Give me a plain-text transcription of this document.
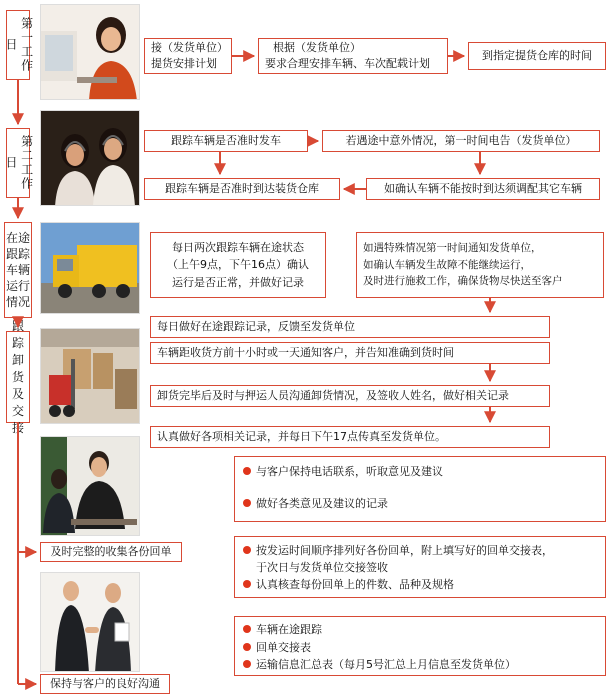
第一工作日
第二工作日
在途跟踪车辆运行情况
跟踪卸货及交接
及时完整的收集各份回单
保持与客户的良好沟通
接（发货单位）
提货安排计划
根据（发货单位）
要求合理安排车辆、车次配载计划
到指定提货仓库的时间
跟踪车辆是否准时发车	若遇途中意外情况，第一时间电告（发货单位）
如确认车辆不能按时到达须调配其它车辆
跟踪车辆是否准时到达装货仓库
每日两次跟踪车辆在途状态
（上午9点，下午16点）确认
运行是否正常，并做好记录
如遇特殊情况第一时间通知发货单位，
如确认车辆发生故障不能继续运行，
及时进行施救工作，确保货物尽快送至客户
每日做好在途跟踪记录，反馈至发货单位
车辆距收货方前十小时或一天通知客户，并告知准确到货时间
卸货完毕后及时与押运人员沟通卸货情况，及签收人姓名，做好相关记录
认真做好各项相关记录，并每日下午17点传真至发货单位。
与客户保持电话联系，听取意见及建议
做好各类意见及建议的记录
按发运时间顺序排列好各份回单，附上填写好的回单交接表，
于次日与发货单位交接签收
认真核查每份回单上的件数、品种及规格
车辆在途跟踪
回单交接表
运输信息汇总表（每月5号汇总上月信息至发货单位）
